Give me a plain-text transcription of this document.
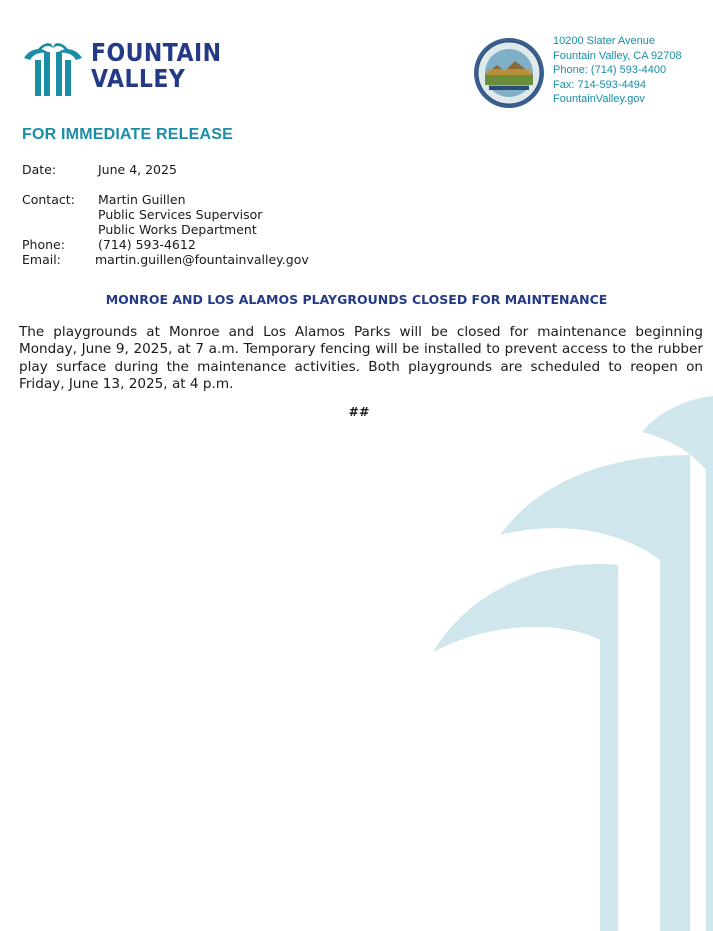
FOUNTAIN
VALLEY
10200 Slater Avenue
Fountain Valley, CA 92708
Phone: (714) 593-4400
Fax: 714-593-4494
FountainValley.gov
FOR IMMEDIATE RELEASE
Date:	June 4, 2025
Contact: Martin Guillen
Public Services Supervisor
Public Works Department
Phone:	(714) 593-4612
Email:	martin.guillen@fountainvalley.gov
MONROE AND LOS ALAMOS PLAYGROUNDS CLOSED FOR MAINTENANCE
The playgrounds at Monroe and Los Alamos Parks will be closed for maintenance beginning Monday, June 9, 2025, at 7 a.m. Temporary fencing will be installed to prevent access to the rubber play surface during the maintenance activities. Both playgrounds are scheduled to reopen on Friday, June 13, 2025, at 4 p.m.
##
